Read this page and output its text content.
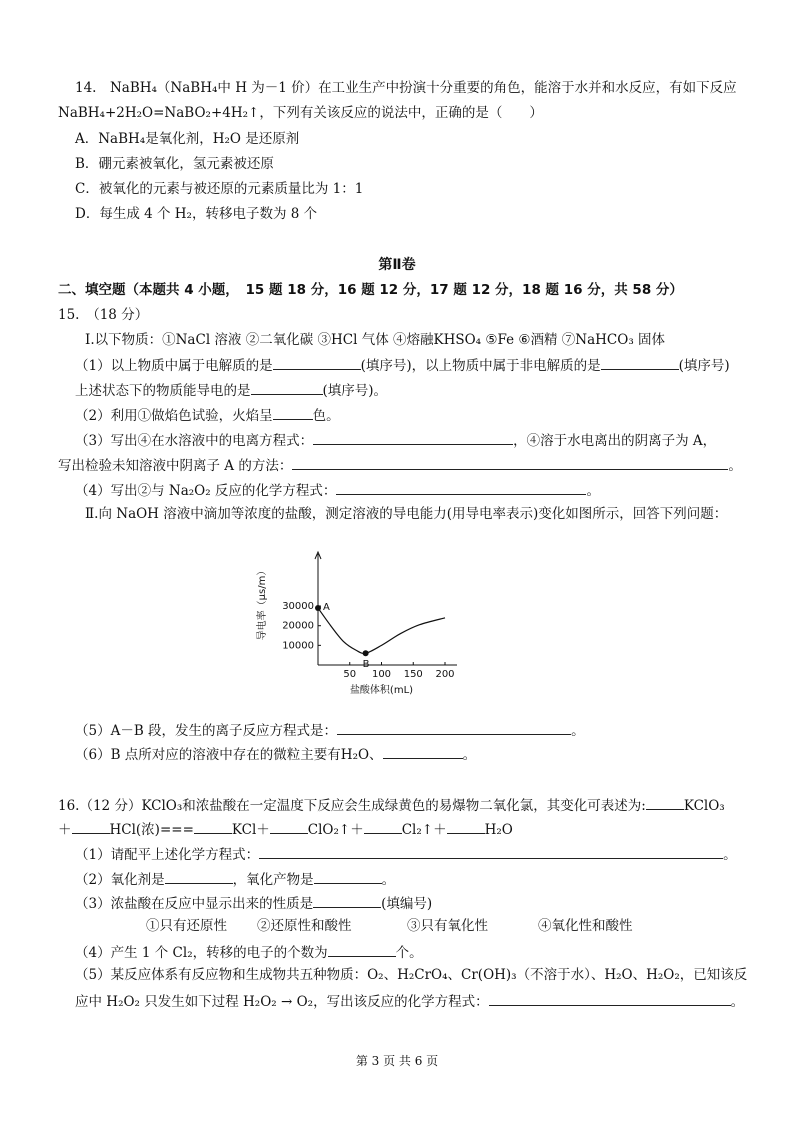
14.　NaBH₄（NaBH₄中 H 为－1 价）在工业生产中扮演十分重要的角色，能溶于水并和水反应，有如下反应
NaBH₄+2H₂O=NaBO₂+4H₂↑，下列有关该反应的说法中，正确的是（　　）
A．NaBH₄是氧化剂，H₂O 是还原剂
B．硼元素被氧化，氢元素被还原
C．被氧化的元素与被还原的元素质量比为 1：1
D．每生成 4 个 H₂，转移电子数为 8 个
第Ⅱ卷
二、填空题（本题共 4 小题，　15 题 18 分，16 题 12 分，17 题 12 分，18 题 16 分，共 58 分）
15.　（18 分）
Ⅰ.以下物质：①NaCl 溶液 ②二氧化碳 ③HCl 气体 ④熔融KHSO₄ ⑤Fe ⑥酒精 ⑦NaHCO₃ 固体
（1）以上物质中属于电解质的是	(填序号)，以上物质中属于非电解质的是	(填序号)
上述状态下的物质能导电的是	(填序号)。
（2）利用①做焰色试验，火焰呈	色。
（3）写出④在水溶液中的电离方程式：	，④溶于水电离出的阴离子为 A，
写出检验未知溶液中阴离子 A 的方法：	。
（4）写出②与 Na₂O₂ 反应的化学方程式：	。
Ⅱ.向 NaOH 溶液中滴加等浓度的盐酸，测定溶液的导电能力(用导电率表示)变化如图所示，回答下列问题：
50 100 150 200
10000
20000
30000 A
B
盐酸体积(mL)
导电率（μs/m）
（5）A－B 段，发生的离子反应方程式是：	。
（6）B 点所对应的溶液中存在的微粒主要有H₂O、	。
16.（12 分）KClO₃和浓盐酸在一定温度下反应会生成绿黄色的易爆物二氧化氯，其变化可表述为:	KClO₃
＋	HCl(浓)===	KCl＋	ClO₂↑＋	Cl₂↑＋	H₂O
（1）请配平上述化学方程式：	。
（2）氧化剂是	，氧化产物是	。
（3）浓盐酸在反应中显示出来的性质是	(填编号)
①只有还原性 ②还原性和酸性	③只有氧化性	④氧化性和酸性
（4）产生 1 个 Cl₂，转移的电子的个数为	个。
（5）某反应体系有反应物和生成物共五种物质：O₂、H₂CrO₄、Cr(OH)₃（不溶于水）、H₂O、H₂O₂，已知该反
应中 H₂O₂ 只发生如下过程 H₂O₂ → O₂，写出该反应的化学方程式：	。
第 3 页 共 6 页
